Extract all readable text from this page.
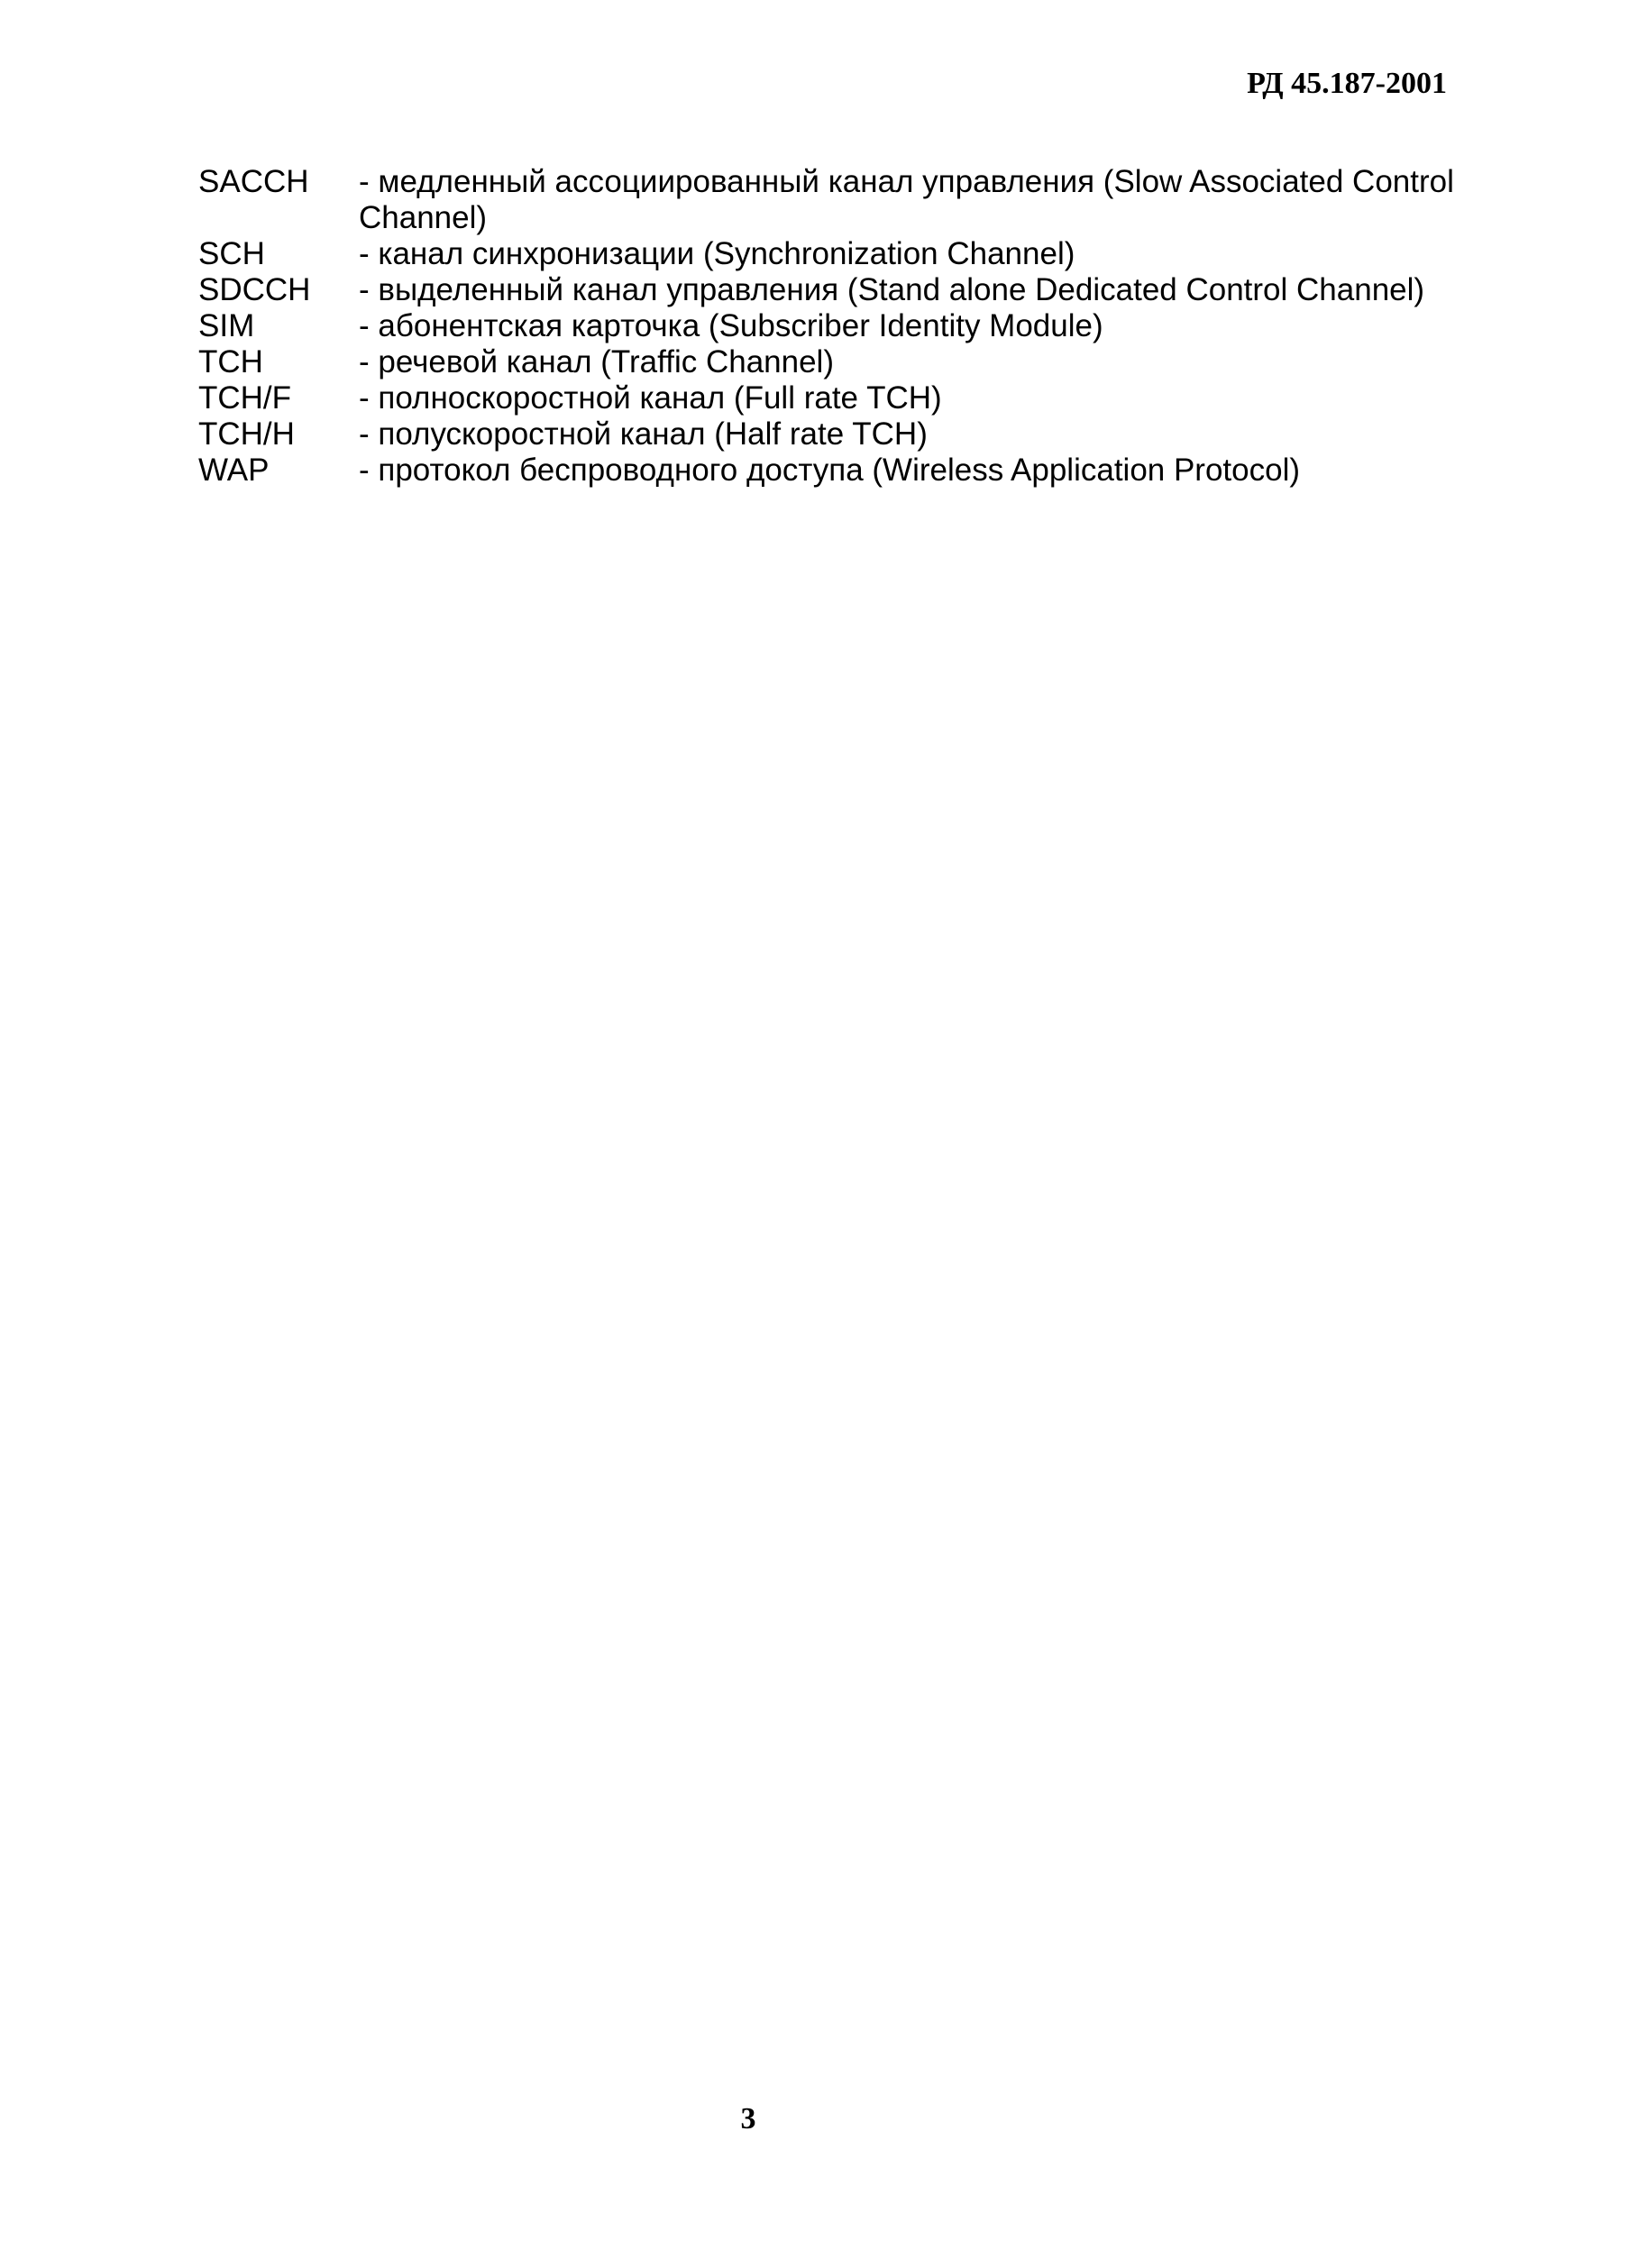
РД 45.187-2001
SACCH	- медленный ассоциированный канал управления (Slow Associated Control Channel)
SCH	- канал синхронизации (Synchronization Channel)
SDCCH	- выделенный канал управления (Stand alone Dedicated Control Channel)
SIM	- абонентская карточка (Subscriber Identity Module)
TCH	- речевой канал (Traffic Channel)
TCH/F	- полноскоростной канал (Full rate TCH)
TCH/H	- полускоростной канал (Half rate TCH)
WAP	- протокол беспроводного доступа (Wireless Application Protocol)
3
